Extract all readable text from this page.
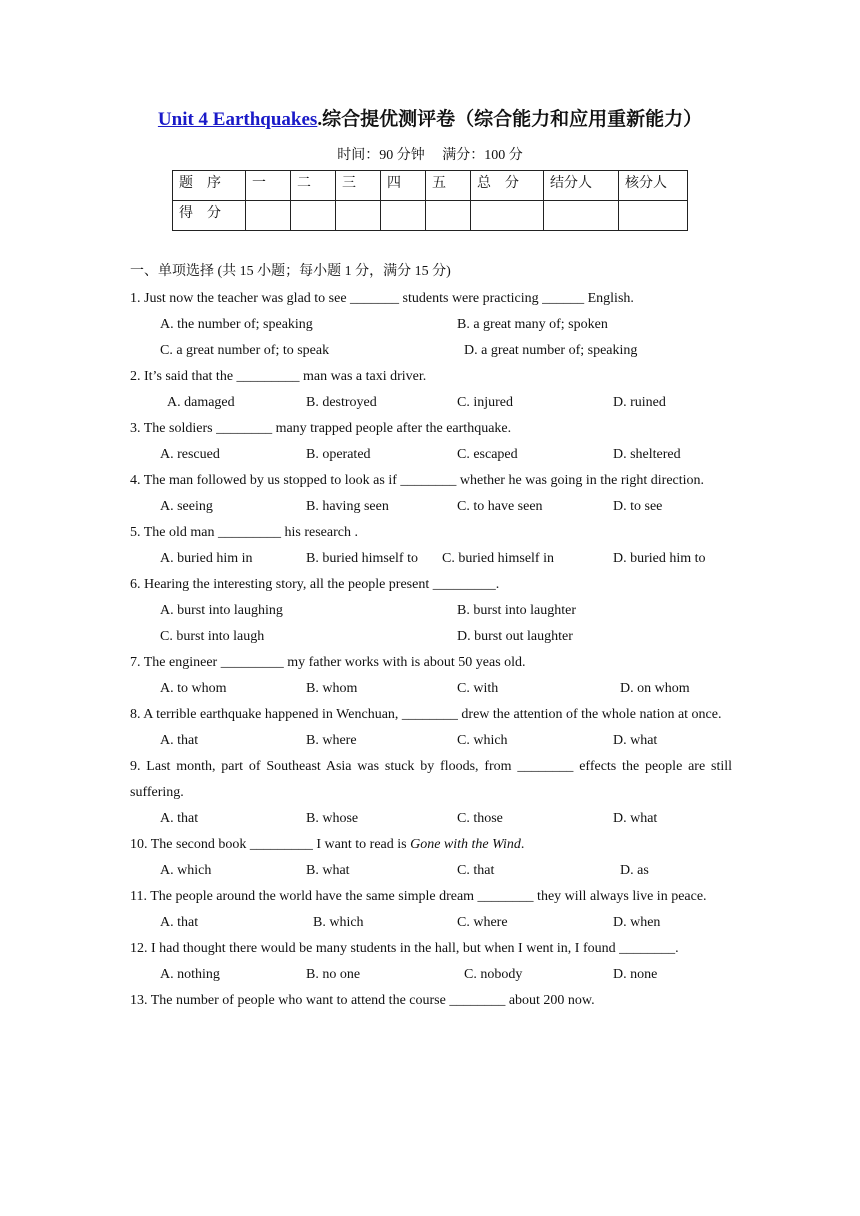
Unit 4 Earthquakes.综合提优测评卷（综合能力和应用重新能力）
时间：90 分钟　 满分：100 分
题　序	一	二	三	四	五	总　分	结分人	核分人
得　分								
一、单项选择 (共 15 小题；每小题 1 分，满分 15 分)
1. Just now the teacher was glad to see _______ students were practicing ______ English.
A. the number of; speaking	B. a great many of; spoken
C. a great number of; to speak	D. a great number of; speaking
2. It’s said that the _________ man was a taxi driver.
A. damaged	B. destroyed	C. injured	D. ruined
3. The soldiers ________ many trapped people after the earthquake.
A. rescued	B. operated	C. escaped	D. sheltered
4. The man followed by us stopped to look as if ________ whether he was going in the right direction.
A. seeing	B. having seen	C. to have seen	D. to see
5. The old man _________ his research .
A. buried him in	B. buried himself to C. buried himself in	D. buried him to
6. Hearing the interesting story, all the people present _________.
A. burst into laughing	B. burst into laughter
C. burst into laugh	D. burst out laughter
7. The engineer _________ my father works with is about 50 yeas old.
A. to whom	B. whom	C. with	D. on whom
8. A terrible earthquake happened in Wenchuan, ________ drew the attention of the whole nation at once.
A. that	B. where	C. which	D. what
9. Last month, part of Southeast Asia was stuck by floods, from ________ effects the people are still suffering.
A. that	B. whose	C. those	D. what
10. The second book _________ I want to read is Gone with the Wind.
A. which	B. what	C. that	D. as
11. The people around the world have the same simple dream ________ they will always live in peace.
A. that	B. which	C. where	D. when
12. I had thought there would be many students in the hall, but when I went in, I found ________.
A. nothing	B. no one	C. nobody	D. none
13. The number of people who want to attend the course ________ about 200 now.
